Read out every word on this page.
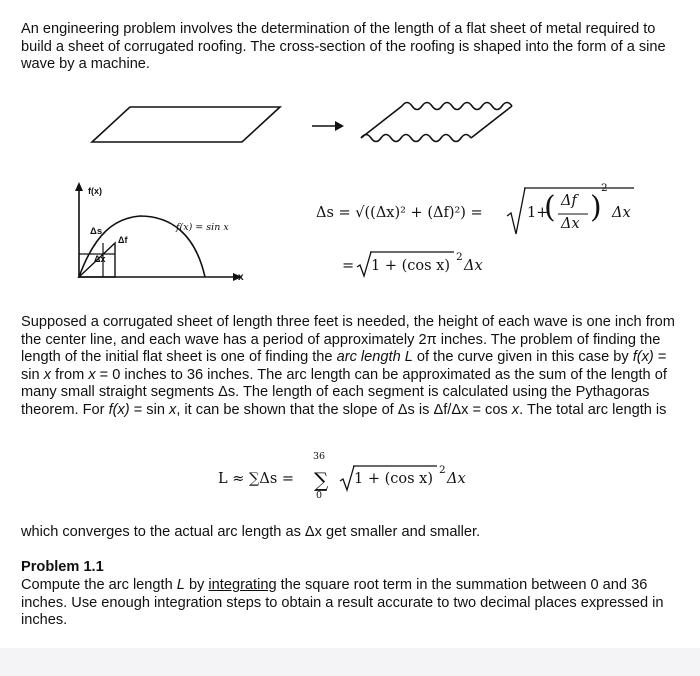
An engineering problem involves the determination of the length of a flat sheet of metal required to build a sheet of corrugated roofing. The cross-section of the roofing is shaped into the form of a sine wave by a machine.

f(x)
Δs
Δf
Δx
f(x) = sin x
x
Δs = √((Δx)² + (Δf)²) =	1+
( Δf
Δx )
2
Δx
= 1 + (cos x)
2
Δx

Supposed a corrugated sheet of length three feet is needed, the height of each wave is one inch from the center line, and each wave has a period of approximately 2π inches. The problem of finding the length of the initial flat sheet is one of finding the arc length L of the curve given in this case by f(x) = sin x from x = 0 inches to 36 inches. The arc length can be approximated as the sum of the length of many small straight segments Δs. The length of each segment is calculated using the Pythagoras theorem. For f(x) = sin x, it can be shown that the slope of Δs is Δf/Δx = cos x. The total arc length is

L ≈ ∑Δs =
36
∑
0
1 + (cos x)
2
Δx

which converges to the actual arc length as Δx get smaller and smaller.

Problem 1.1

Compute the arc length L by integrating the square root term in the summation between 0 and 36 inches. Use enough integration steps to obtain a result accurate to two decimal places expressed in inches.
